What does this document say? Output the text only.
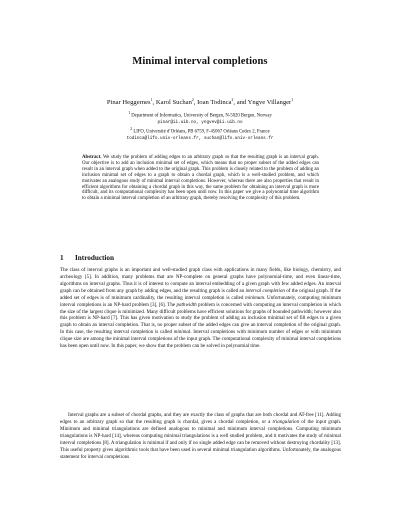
Minimal interval completions
Pinar Heggernes$^1$, Karol Suchan$^2$, Ioan Todinca$^2$, and Yngve Villanger$^1$
$^1$ Department of Informatics, University of Bergen, N-5020 Bergen, Norway
pinar@ii.uib.no, yngvev@ii.uib.no
$^2$ LIFO, Université d’Orléans, PB 6759, F-45067 Orléans Cedex 2, France
todinca@lifo.univ-orleans.fr, suchan@lifo.univ-orleans.fr
Abstract. We study the problem of adding edges to an arbitrary graph so that the resulting graph is an interval graph. Our objective is to add an inclusion minimal set of edges, which means that no proper subset of the added edges can result in an interval graph when added to the original graph. This problem is closely related to the problem of adding an inclusion minimal set of edges to a graph to obtain a chordal graph, which is a well-studied problem, and which motivates an analogous study of minimal interval completions. However, whereas there are also properties that result in efficient algorithms for obtaining a chordal graph in this way, the same problem for obtaining an interval graph is more difficult, and its computational complexity has been open until now. In this paper we give a polynomial time algorithm to obtain a minimal interval completion of an arbitrary graph, thereby resolving the complexity of this problem.
1 Introduction
The class of interval graphs is an important and well-studied graph class with applications in many fields, like biology, chemistry, and archeology [5]. In addition, many problems that are NP-complete on general graphs have polynomial-time, and even linear-time, algorithms on interval graphs. Thus it is of interest to compute an interval embedding of a given graph with few added edges. An interval graph can be obtained from any graph by adding edges, and the resulting graph is called an interval completion of the original graph. If the added set of edges is of minimum cardinality, the resulting interval completion is called minimum. Unfortunately, computing minimum interval completions is an NP-hard problem [3], [6]. The pathwidth problem is concerned with computing an interval completion in which the size of the largest clique is minimized. Many difficult problems have efficient solutions for graphs of bounded pathwidth; however also this problem is NP-hard [7]. This has given motivation to study the problem of adding an inclusion minimal set of fill edges to a given graph to obtain an interval completion. That is, no proper subset of the added edges can give an interval completion of the original graph. In this case, the resulting interval completion is called minimal. Interval completions with minimum number of edges or with minimum clique size are among the minimal interval completions of the input graph. The computational complexity of minimal interval completions has been open until now. In this paper, we show that the problem can be solved in polynomial time.
Interval graphs are a subset of chordal graphs, and they are exactly the class of graphs that are both chordal and AT-free [11]. Adding edges to an arbitrary graph so that the resulting graph is chordal, gives a chordal completion, or a triangulation of the input graph. Minimum and minimal triangulations are defined analogous to minimal and minimum interval completions. Computing minimum triangulations is NP-hard [14], whereas computing minimal triangulations is a well studied problem, and it motivates the study of minimal interval completions [8]. A triangulation is minimal if and only if no single added edge can be removed without destroying chordality [13]. This useful property gives algorithmic tools that have been used in several minimal triangulation algorithms. Unfortunately, the analogous statement for interval completions
